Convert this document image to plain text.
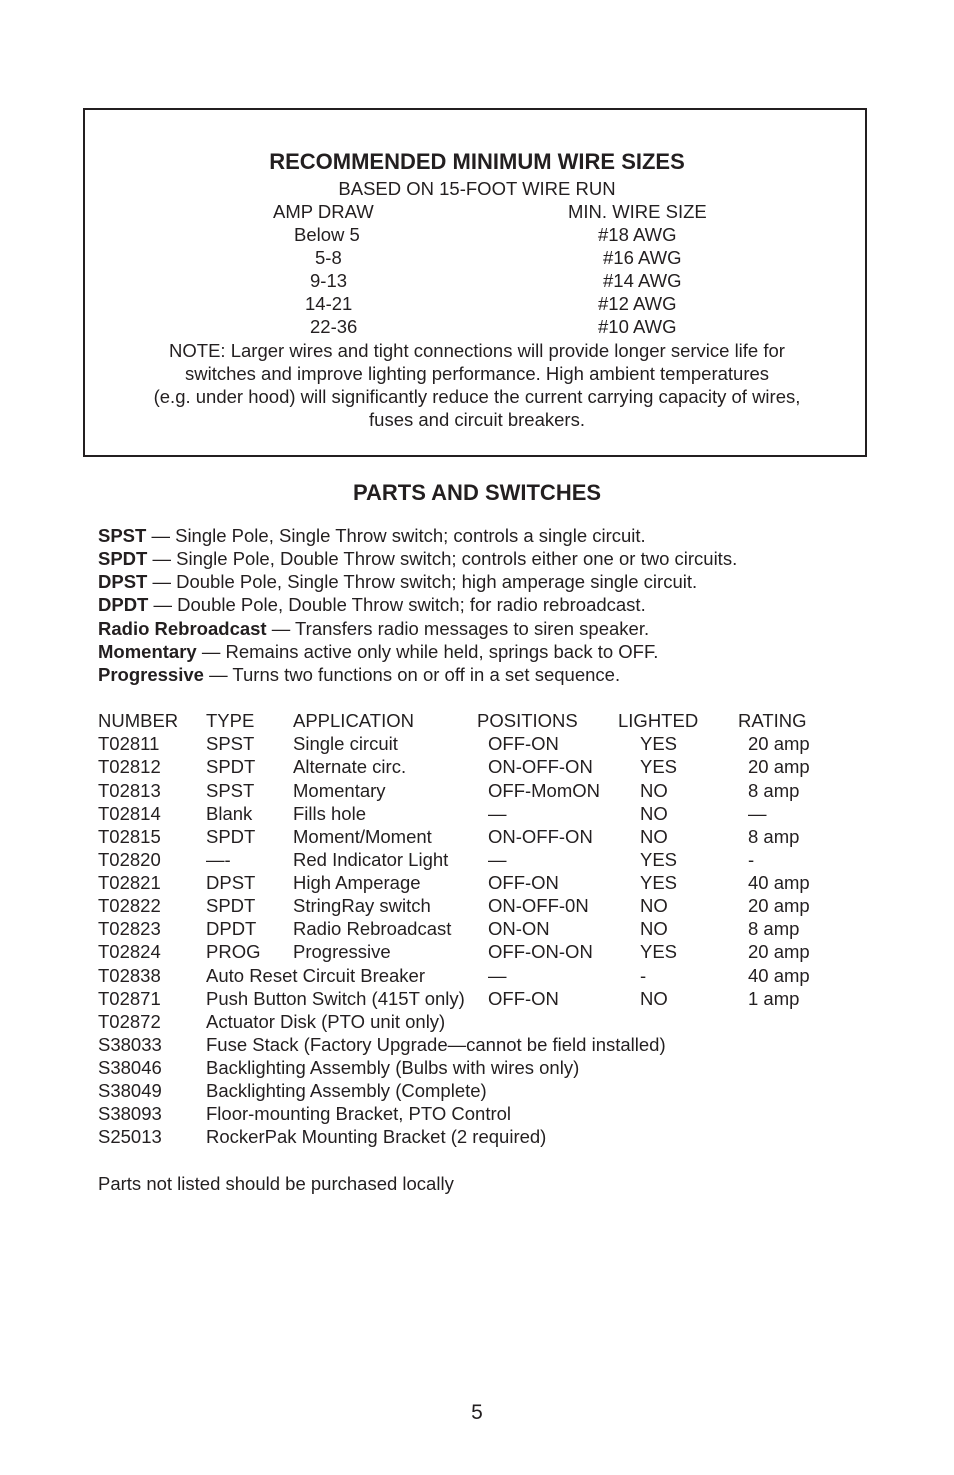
RECOMMENDED MINIMUM WIRE SIZES
BASED ON 15-FOOT WIRE RUN
AMP DRAW	MIN. WIRE SIZE
Below 5	#18 AWG
5-8	#16 AWG
9-13	#14 AWG
14-21	#12 AWG
22-36	#10 AWG
NOTE: Larger wires and tight connections will provide longer service life for
switches and improve lighting performance. High ambient temperatures
(e.g. under hood) will significantly reduce the current carrying capacity of wires,
fuses and circuit breakers.
PARTS AND SWITCHES
SPST — Single Pole, Single Throw switch; controls a single circuit.
SPDT — Single Pole, Double Throw switch; controls either one or two circuits.
DPST — Double Pole, Single Throw switch; high amperage single circuit.
DPDT — Double Pole, Double Throw switch; for radio rebroadcast.
Radio Rebroadcast — Transfers radio messages to siren speaker.
Momentary — Remains active only while held, springs back to OFF.
Progressive — Turns two functions on or off in a set sequence.
NUMBER TYPE APPLICATION	POSITIONS LIGHTED RATING
T02811	SPST Single circuit	OFF-ON	YES	20 amp
T02812 SPDT Alternate circ.	ON-OFF-ON	YES	20 amp
T02813 SPST Momentary	OFF-MomON NO	8 amp
T02814 Blank Fills hole	—	NO	—
T02815 SPDT Moment/Moment	ON-OFF-ON	NO	8 amp
T02820 —-	Red Indicator Light —	YES	-
T02821 DPST High Amperage	OFF-ON	YES	40 amp
T02822 SPDT StringRay switch	ON-OFF-0N	NO	20 amp
T02823 DPDT Radio Rebroadcast ON-ON	NO	8 amp
T02824 PROG Progressive	OFF-ON-ON	YES	20 amp
T02838 Auto Reset Circuit Breaker	—	-	40 amp
T02871 Push Button Switch (415T only) OFF-ON	NO	1 amp
T02872 Actuator Disk (PTO unit only)
S38033 Fuse Stack (Factory Upgrade—cannot be field installed)
S38046 Backlighting Assembly (Bulbs with wires only)
S38049 Backlighting Assembly (Complete)
S38093 Floor-mounting Bracket, PTO Control
S25013 RockerPak Mounting Bracket (2 required)
Parts not listed should be purchased locally
5
